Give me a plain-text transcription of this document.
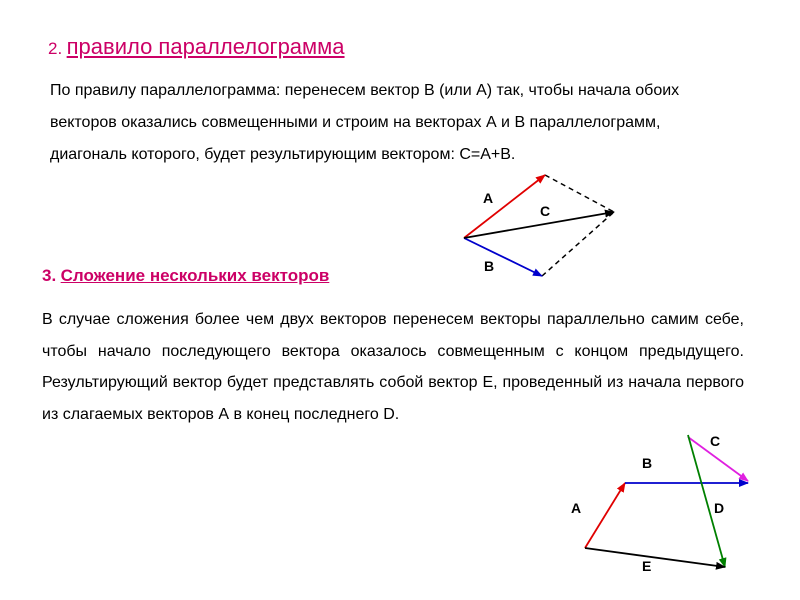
2. правило параллелограмма
По правилу параллелограмма: перенесем вектор В (или А) так, чтобы начала обоих векторов оказались совмещенными и строим на векторах А и В параллелограмм, диагональ которого, будет результирующим вектором: С=А+В.
A
B
C
3. Сложение нескольких векторов
В случае сложения более чем двух векторов перенесем векторы параллельно самим себе, чтобы начало последующего вектора оказалось совмещенным с концом предыдущего. Результирующий вектор будет представлять собой вектор Е, проведенный из начала первого из слагаемых векторов А в конец последнего D.
A
B
C
D
E
